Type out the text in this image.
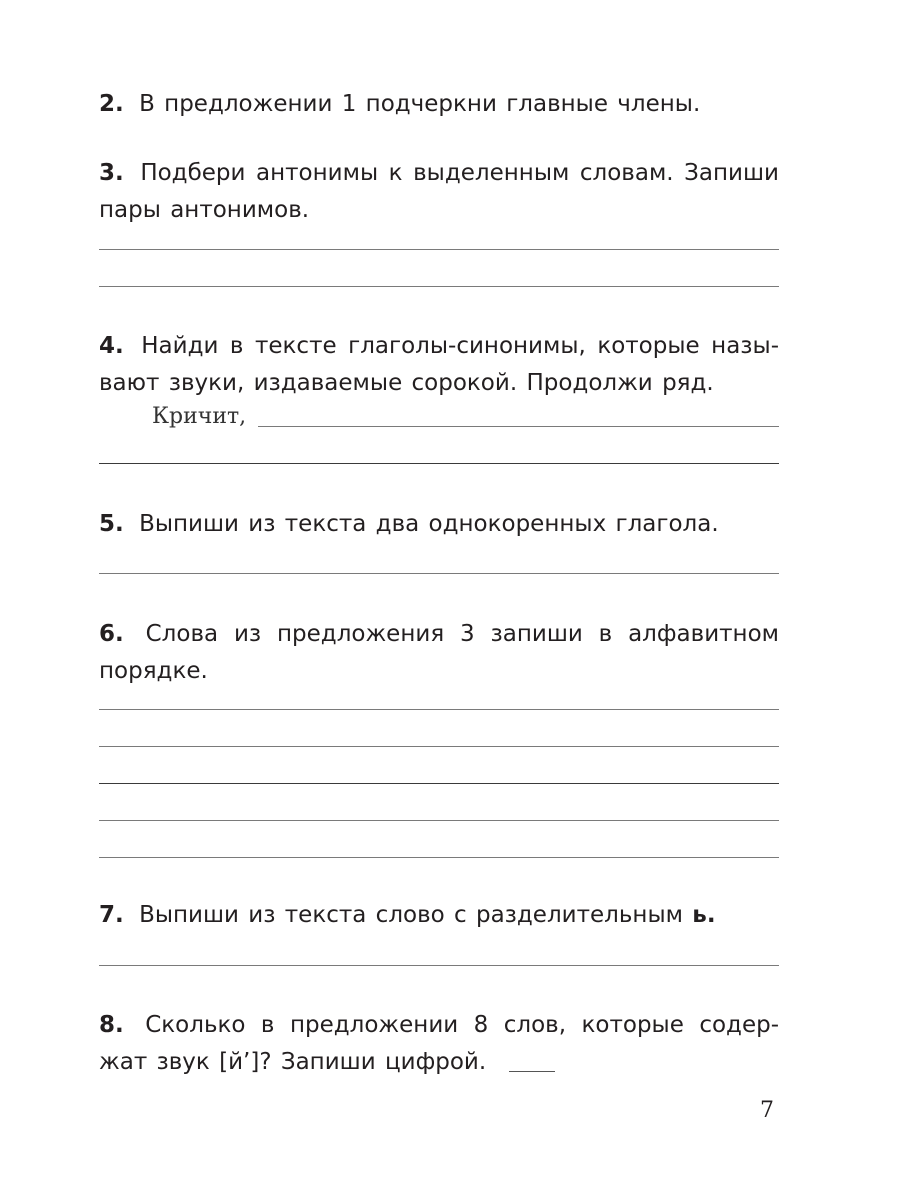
2. В предложении 1 подчеркни главные члены.
3. Подбери антонимы к выделенным словам. Запиши
пары антонимов.
4. Найди в тексте глаголы-синонимы, которые назы-
вают звуки, издаваемые сорокой. Продолжи ряд.
Кричит,
5. Выпиши из текста два однокоренных глагола.
6. Слова из предложения 3 запиши в алфавитном
порядке.
7. Выпиши из текста слово с разделительным ь.
8. Сколько в предложении 8 слов, которые содер-
жат звук [й’]? Запиши цифрой.
7
